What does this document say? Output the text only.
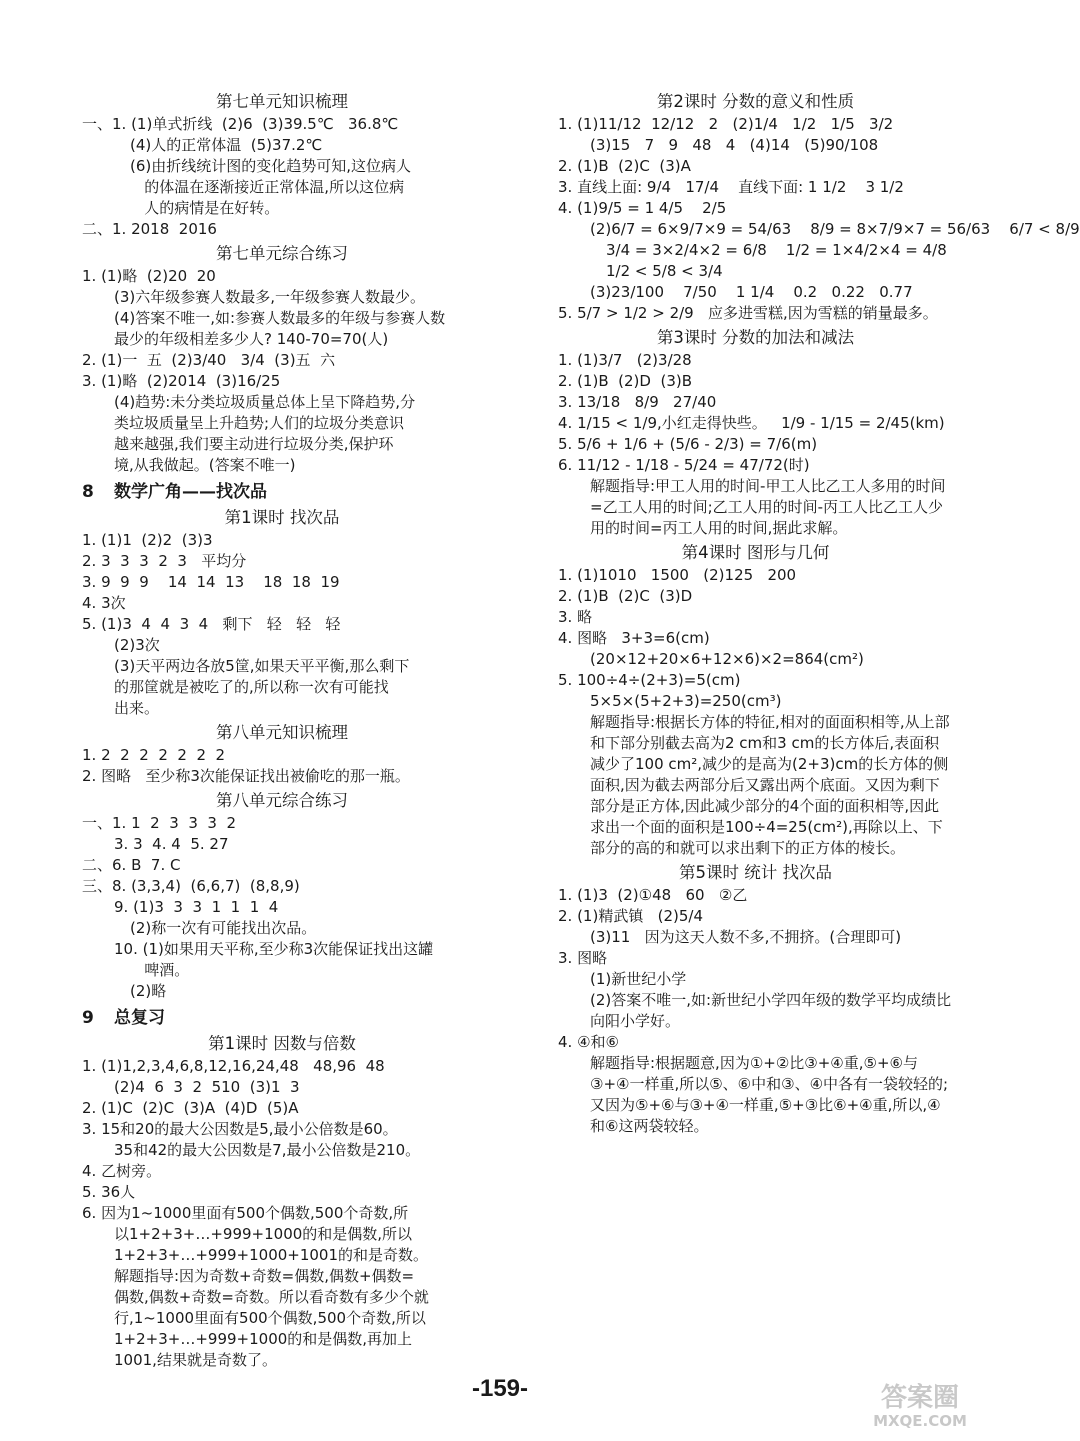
第七单元知识梳理
一、1. (1)单式折线  (2)6  (3)39.5℃   36.8℃
(4)人的正常体温  (5)37.2℃
(6)由折线统计图的变化趋势可知,这位病人
的体温在逐渐接近正常体温,所以这位病
人的病情是在好转。
二、1. 2018  2016
第七单元综合练习
1. (1)略  (2)20  20
(3)六年级参赛人数最多,一年级参赛人数最少。
(4)答案不唯一,如:参赛人数最多的年级与参赛人数
最少的年级相差多少人? 140-70=70(人)
2. (1)一  五  (2)3/40   3/4  (3)五  六
3. (1)略  (2)2014  (3)16/25
(4)趋势:未分类垃圾质量总体上呈下降趋势,分
类垃圾质量呈上升趋势;人们的垃圾分类意识
越来越强,我们要主动进行垃圾分类,保护环
境,从我做起。(答案不唯一)
8 数学广角——找次品
第1课时 找次品
1. (1)1  (2)2  (3)3
2. 3  3  3  2  3   平均分
3. 9  9  9    14  14  13    18  18  19
4. 3次
5. (1)3  4  4  3  4   剩下   轻   轻   轻
(2)3次
(3)天平两边各放5筐,如果天平平衡,那么剩下
的那筐就是被吃了的,所以称一次有可能找
出来。
第八单元知识梳理
1. 2  2  2  2  2  2  2
2. 图略   至少称3次能保证找出被偷吃的那一瓶。
第八单元综合练习
一、1. 1  2  3  3  3  2
3. 3  4. 4  5. 27
二、6. B  7. C
三、8. (3,3,4)  (6,6,7)  (8,8,9)
9. (1)3  3  3  1  1  1  4
(2)称一次有可能找出次品。
10. (1)如果用天平称,至少称3次能保证找出这罐
啤酒。
(2)略
9 总复习
第1课时 因数与倍数
1. (1)1,2,3,4,6,8,12,16,24,48   48,96  48
(2)4  6  3  2  510  (3)1  3
2. (1)C  (2)C  (3)A  (4)D  (5)A
3. 15和20的最大公因数是5,最小公倍数是60。
35和42的最大公因数是7,最小公倍数是210。
4. 乙树旁。
5. 36人
6. 因为1~1000里面有500个偶数,500个奇数,所
以1+2+3+…+999+1000的和是偶数,所以
1+2+3+…+999+1000+1001的和是奇数。
解题指导:因为奇数+奇数=偶数,偶数+偶数=
偶数,偶数+奇数=奇数。所以看奇数有多少个就
行,1~1000里面有500个偶数,500个奇数,所以
1+2+3+…+999+1000的和是偶数,再加上
1001,结果就是奇数了。
第2课时 分数的意义和性质
1. (1)11/12  12/12   2   (2)1/4   1/2   1/5   3/2
(3)15   7   9   48   4   (4)14   (5)90/108
2. (1)B  (2)C  (3)A
3. 直线上面: 9/4   17/4    直线下面: 1 1/2    3 1/2
4. (1)9/5 = 1 4/5    2/5
(2)6/7 = 6×9/7×9 = 54/63    8/9 = 8×7/9×7 = 56/63    6/7 < 8/9
3/4 = 3×2/4×2 = 6/8    1/2 = 1×4/2×4 = 4/8
1/2 < 5/8 < 3/4
(3)23/100    7/50    1 1/4    0.2   0.22   0.77
5. 5/7 > 1/2 > 2/9   应多进雪糕,因为雪糕的销量最多。
第3课时 分数的加法和减法
1. (1)3/7   (2)3/28
2. (1)B  (2)D  (3)B
3. 13/18   8/9   27/40
4. 1/15 < 1/9,小红走得快些。   1/9 - 1/15 = 2/45(km)
5. 5/6 + 1/6 + (5/6 - 2/3) = 7/6(m)
6. 11/12 - 1/18 - 5/24 = 47/72(时)
解题指导:甲工人用的时间-甲工人比乙工人多用的时间=乙工人用的时间;乙工人用的时间-丙工人比乙工人少用的时间=丙工人用的时间,据此求解。
第4课时 图形与几何
1. (1)1010   1500   (2)125   200
2. (1)B  (2)C  (3)D
3. 略
4. 图略   3+3=6(cm)
(20×12+20×6+12×6)×2=864(cm²)
5. 100÷4÷(2+3)=5(cm)
5×5×(5+2+3)=250(cm³)
解题指导:根据长方体的特征,相对的面面积相等,从上部和下部分别截去高为2 cm和3 cm的长方体后,表面积减少了100 cm²,减少的是高为(2+3)cm的长方体的侧面积,因为截去两部分后又露出两个底面。又因为剩下部分是正方体,因此减少部分的4个面的面积相等,因此求出一个面的面积是100÷4=25(cm²),再除以上、下部分的高的和就可以求出剩下的正方体的棱长。
第5课时 统计 找次品
1. (1)3  (2)①48   60   ②乙
2. (1)精武镇   (2)5/4
(3)11   因为这天人数不多,不拥挤。(合理即可)
3. 图略
(1)新世纪小学
(2)答案不唯一,如:新世纪小学四年级的数学平均成绩比向阳小学好。
4. ④和⑥
解题指导:根据题意,因为①+②比③+④重,⑤+⑥与③+④一样重,所以⑤、⑥中和③、④中各有一袋较轻的;又因为⑤+⑥与③+④一样重,⑤+③比⑥+④重,所以,④和⑥这两袋较轻。
-159-	答案圈
MXQE.COM
